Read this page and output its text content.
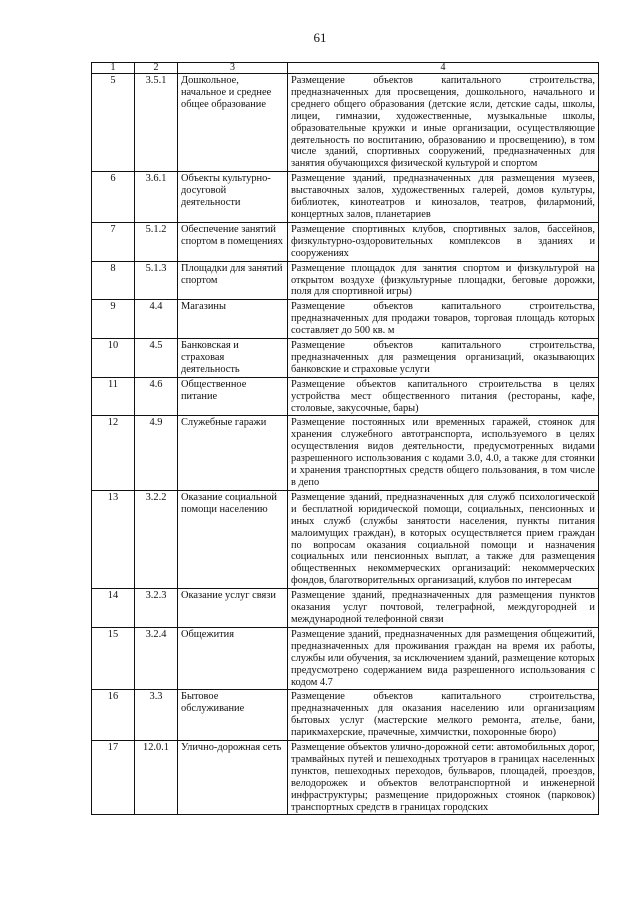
61
1	2	3	4
5	3.5.1	Дошкольное, начальное и среднее общее образование	Размещение объектов капитального строительства, предназначенных для просвещения, дошкольного, начального и среднего общего образования (детские ясли, детские сады, школы, лицеи, гимназии, художественные, музыкальные школы, образовательные кружки и иные организации, осуществляющие деятельность по воспитанию, образованию и просвещению), в том числе зданий, спортивных сооружений, предназначенных для занятия обучающихся физической культурой и спортом
6	3.6.1	Объекты культурно-досуговой деятельности	Размещение зданий, предназначенных для размещения музеев, выставочных залов, художественных галерей, домов культуры, библиотек, кинотеатров и кинозалов, театров, филармоний, концертных залов, планетариев
7	5.1.2	Обеспечение занятий спортом в помещениях	Размещение спортивных клубов, спортивных залов, бассейнов, физкультурно-оздоровительных комплексов в зданиях и сооружениях
8	5.1.3	Площадки для занятий спортом	Размещение площадок для занятия спортом и физкультурой на открытом воздухе (физкультурные площадки, беговые дорожки, поля для спортивной игры)
9	4.4	Магазины	Размещение объектов капитального строительства, предназначенных для продажи товаров, торговая площадь которых составляет до 500 кв. м
10	4.5	Банковская и страховая деятельность	Размещение объектов капитального строительства, предназначенных для размещения организаций, оказывающих банковские и страховые услуги
11	4.6	Общественное питание	Размещение объектов капитального строительства в целях устройства мест общественного питания (рестораны, кафе, столовые, закусочные, бары)
12	4.9	Служебные гаражи	Размещение постоянных или временных гаражей, стоянок для хранения служебного автотранспорта, используемого в целях осуществления видов деятельности, предусмотренных видами разрешенного использования с кодами 3.0, 4.0, а также для стоянки и хранения транспортных средств общего пользования, в том числе в депо
13	3.2.2	Оказание социальной помощи населению	Размещение зданий, предназначенных для служб психологической и бесплатной юридической помощи, социальных, пенсионных и иных служб (службы занятости населения, пункты питания малоимущих граждан), в которых осуществляется прием граждан по вопросам оказания социальной помощи и назначения социальных или пенсионных выплат, а также для размещения общественных некоммерческих организаций: некоммерческих фондов, благотворительных организаций, клубов по интересам
14	3.2.3	Оказание услуг связи	Размещение зданий, предназначенных для размещения пунктов оказания услуг почтовой, телеграфной, междугородней и международной телефонной связи
15	3.2.4	Общежития	Размещение зданий, предназначенных для размещения общежитий, предназначенных для проживания граждан на время их работы, службы или обучения, за исключением зданий, размещение которых предусмотрено содержанием вида разрешенного использования с кодом 4.7
16	3.3	Бытовое обслуживание	Размещение объектов капитального строительства, предназначенных для оказания населению или организациям бытовых услуг (мастерские мелкого ремонта, ателье, бани, парикмахерские, прачечные, химчистки, похоронные бюро)
17	12.0.1	Улично-дорожная сеть	Размещение объектов улично-дорожной сети: автомобильных дорог, трамвайных путей и пешеходных тротуаров в границах населенных пунктов, пешеходных переходов, бульваров, площадей, проездов, велодорожек и объектов велотранспортной и инженерной инфраструктуры; размещение придорожных стоянок (парковок) транспортных средств в границах городских
